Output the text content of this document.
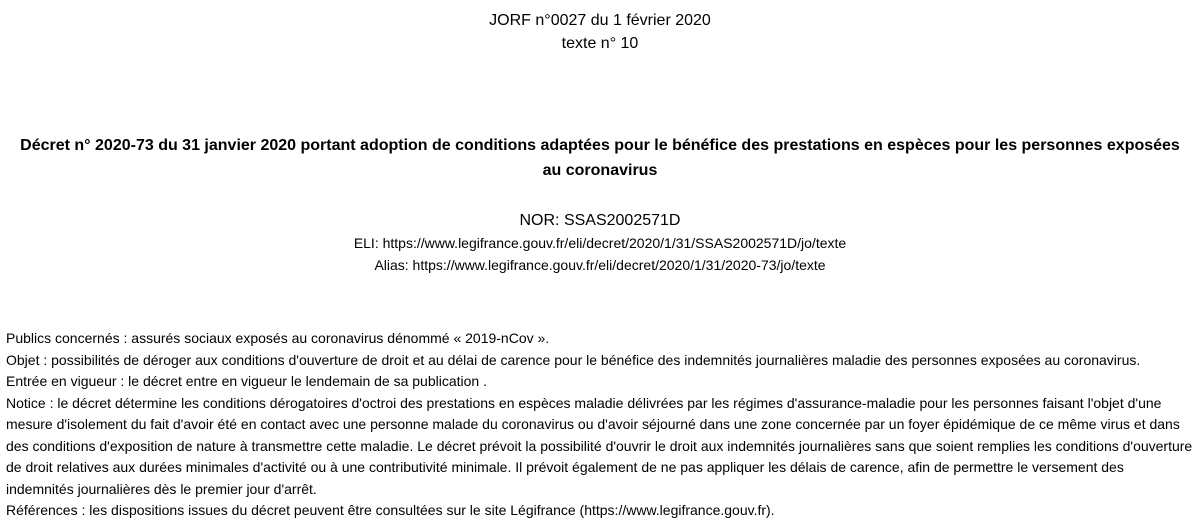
JORF n°0027 du 1 février 2020
texte n° 10
Décret n° 2020-73 du 31 janvier 2020 portant adoption de conditions adaptées pour le bénéfice des prestations en espèces pour les personnes exposées au coronavirus
NOR: SSAS2002571D
ELI: https://www.legifrance.gouv.fr/eli/decret/2020/1/31/SSAS2002571D/jo/texte
Alias: https://www.legifrance.gouv.fr/eli/decret/2020/1/31/2020-73/jo/texte

Publics concernés : assurés sociaux exposés au coronavirus dénommé « 2019-nCov ».

Objet : possibilités de déroger aux conditions d'ouverture de droit et au délai de carence pour le bénéfice des indemnités journalières maladie des personnes exposées au coronavirus.

Entrée en vigueur : le décret entre en vigueur le lendemain de sa publication .

Notice : le décret détermine les conditions dérogatoires d'octroi des prestations en espèces maladie délivrées par les régimes d'assurance-maladie pour les personnes faisant l'objet d'une mesure d'isolement du fait d'avoir été en contact avec une personne malade du coronavirus ou d'avoir séjourné dans une zone concernée par un foyer épidémique de ce même virus et dans des conditions d'exposition de nature à transmettre cette maladie. Le décret prévoit la possibilité d'ouvrir le droit aux indemnités journalières sans que soient remplies les conditions d'ouverture de droit relatives aux durées minimales d'activité ou à une contributivité minimale. Il prévoit également de ne pas appliquer les délais de carence, afin de permettre le versement des indemnités journalières dès le premier jour d'arrêt.

Références : les dispositions issues du décret peuvent être consultées sur le site Légifrance (https://www.legifrance.gouv.fr).
